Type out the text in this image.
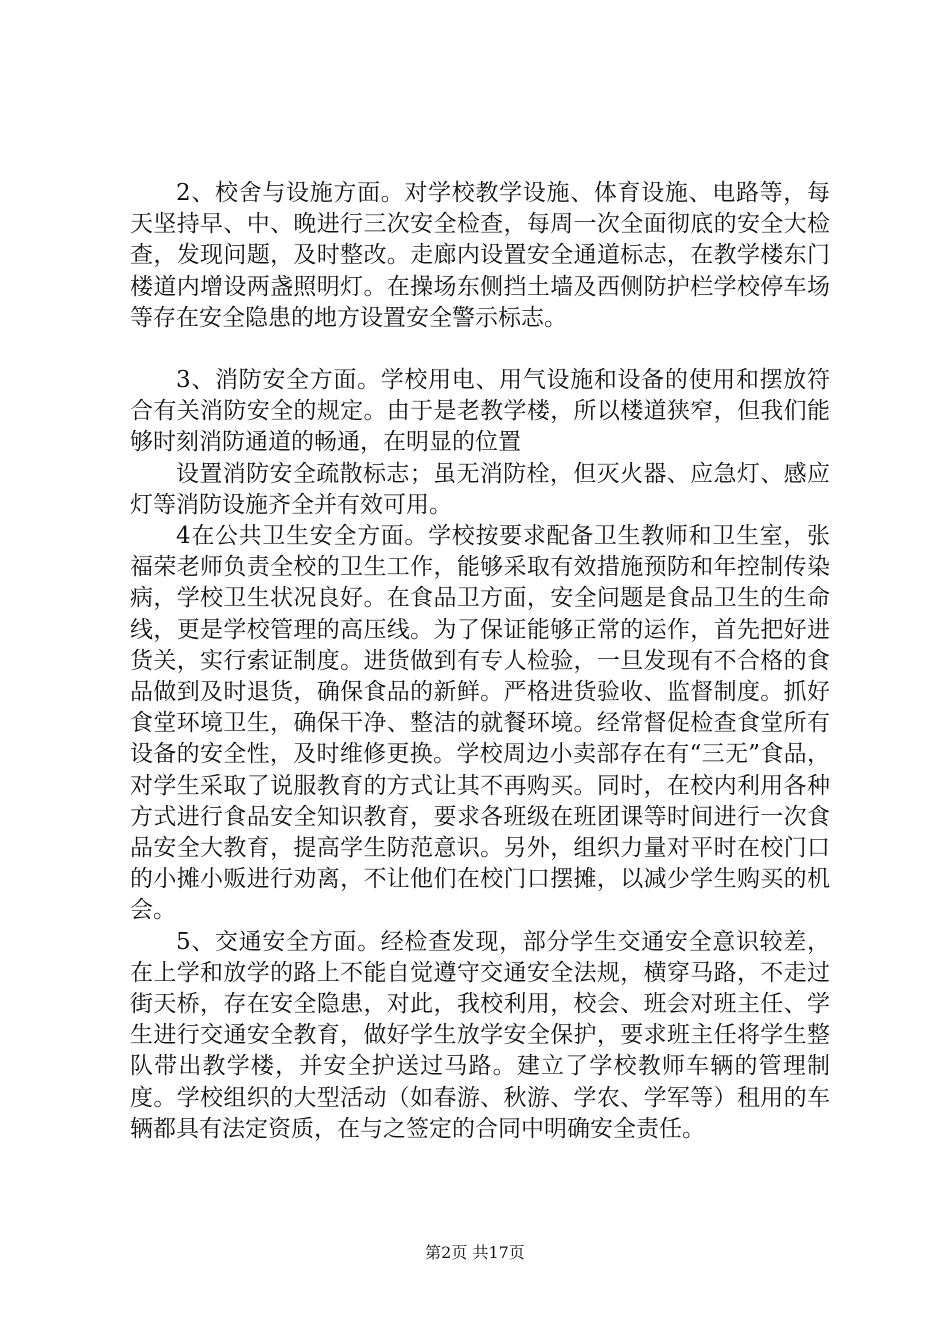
2、校舍与设施方面。对学校教学设施、体育设施、电路等，每天坚持早、中、晚进行三次安全检查，每周一次全面彻底的安全大检查，发现问题，及时整改。走廊内设置安全通道标志，在教学楼东门楼道内增设两盏照明灯。在操场东侧挡土墙及西侧防护栏学校停车场等存在安全隐患的地方设置安全警示标志。

3、消防安全方面。学校用电、用气设施和设备的使用和摆放符合有关消防安全的规定。由于是老教学楼，所以楼道狭窄，但我们能够时刻消防通道的畅通，在明显的位置

设置消防安全疏散标志；虽无消防栓，但灭火器、应急灯、感应灯等消防设施齐全并有效可用。

4在公共卫生安全方面。学校按要求配备卫生教师和卫生室，张福荣老师负责全校的卫生工作，能够采取有效措施预防和年控制传染病，学校卫生状况良好。在食品卫方面，安全问题是食品卫生的生命线，更是学校管理的高压线。为了保证能够正常的运作，首先把好进货关，实行索证制度。进货做到有专人检验，一旦发现有不合格的食品做到及时退货，确保食品的新鲜。严格进货验收、监督制度。抓好食堂环境卫生，确保干净、整洁的就餐环境。经常督促检查食堂所有设备的安全性，及时维修更换。学校周边小卖部存在有“三无”食品，对学生采取了说服教育的方式让其不再购买。同时，在校内利用各种方式进行食品安全知识教育，要求各班级在班团课等时间进行一次食品安全大教育，提高学生防范意识。另外，组织力量对平时在校门口的小摊小贩进行劝离，不让他们在校门口摆摊，以减少学生购买的机会。

5、交通安全方面。经检查发现，部分学生交通安全意识较差，在上学和放学的路上不能自觉遵守交通安全法规，横穿马路，不走过街天桥，存在安全隐患，对此，我校利用，校会、班会对班主任、学生进行交通安全教育，做好学生放学安全保护，要求班主任将学生整队带出教学楼，并安全护送过马路。建立了学校教师车辆的管理制度。学校组织的大型活动（如春游、秋游、学农、学军等）租用的车辆都具有法定资质，在与之签定的合同中明确安全责任。

第2页 共17页
